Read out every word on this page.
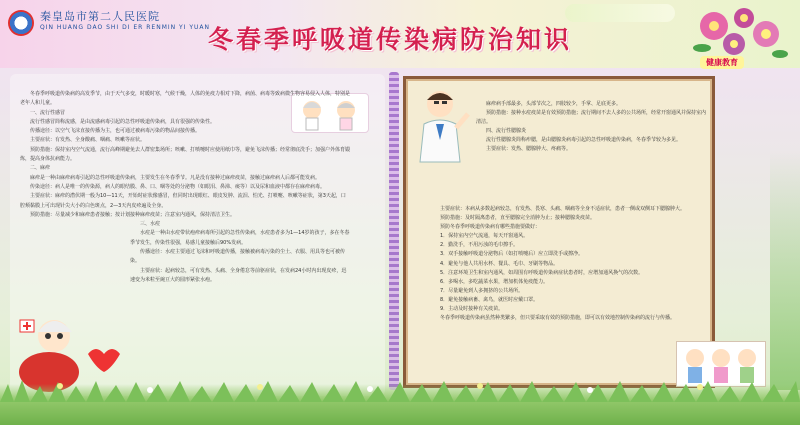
秦皇岛市第二人民医院
QIN HUANG DAO SHI DI ER RENMIN YI YUAN
冬春季呼吸道传染病防治知识
健康教育

冬春季呼吸道传染病的高发季节，由于天气多变，时暖时寒，气候干燥，人体的免疫力相对下降，病菌、病毒等致病微生物容易侵入人体，特别是老年人和儿童。

一、流行性感冒

流行性感冒简称流感，是由流感病毒引起的急性呼吸道传染病，具有很强的传染性。

传播途径：以空气飞沫直接传播为主，也可通过被病毒污染的物品间接传播。

主要症状：有发热、全身酸痛、咽痛、咳嗽等症状。

预防措施：保持室内空气流通，流行高峰期避免去人群密集场所；咳嗽、打喷嚏时应使用纸巾等，避免飞沫传播；经常彻底洗手；加强户外体育锻炼，提高身体抗病能力。

二、麻疹

麻疹是一种由麻疹病毒引起的急性呼吸道传染病，主要发生在冬春季节。凡是没有接种过麻疹疫苗，接触过麻疹病人后都可能发病。

传染途径：病人是唯一的传染源，病人的眼结膜、鼻、口、咽等处的分泌物（如眼泪、鼻涕、痰等）以及尿和血液中都存在麻疹病毒。

主要症状：麻疹的潜伏期一般为10—11天，开始时症状像感冒，但同时出现眼红、眼皮发肿、流泪、怕光、打喷嚏、咳嗽等症状，第3天起，口腔颊黏膜上可出现针尖大小的白色斑点，2—3天内皮疹遍及全身。

预防措施：尽量减少和麻疹患者接触；按计划接种麻疹疫苗；注意室内通风，保持清洁卫生。

三、水痘

水痘是一种由水痘带状疱疹病毒所引起的急性传染病，水痘患者多为1—14岁的孩子，多在冬春季节发生，传染性很强，易感儿童接触后90%发病。

传播途径：水痘主要通过飞沫和呼吸道传播，接触被病毒污染的尘土、衣服、用具等也可被传染。

主要症状：起病较急，可有发热、头痛、全身倦怠等前驱症状，在发病24小时内出现皮疹，迅速变为米粒至豌豆大的圆形紧张水疱。

麻疹病手部最多，头部节次之，四肢较少，手掌、足底更多。

预防措施：接种水痘疫苗是有效预防措施；流行期间不去人多的公共场所，经常开窗通风并保持室内清洁。

四、流行性腮腺炎

流行性腮腺炎简称痄腮，是由腮腺炎病毒引起的急性呼吸道传染病，冬春季节较为多见。

主要症状：发热、腮腺肿大、疼痛等。

主要症状：本病从多数起病较急，有发热、畏寒、头痛、咽痛等全身不适症状，患者一侧或双侧耳下腮腺肿大。

预防措施：及时隔离患者，直至腮腺完全消肿为止；接种腮腺炎疫苗。

预防冬春季呼吸道传染病有哪些措施要做好：

1．保持室内空气流通，每天开窗通风。

2．勤洗手，不用污浊的毛巾擦手。

3．双手接触呼吸道分泌物后（如打喷嚏后）应立即洗手或擦净。

4．避免与他人共用水杯、餐具、毛巾、牙刷等物品。

5．注意环境卫生和室内通风，如周围有呼吸道传染病症状患者时，应增加通风换气的次数。

6．多喝水，多吃蔬菜水果，增加机体免疫能力。

7．尽量避免到人多拥挤的公共场所。

8．避免接触病畜、禽鸟，就医时应戴口罩。

9．主动及时接种有关疫苗。

冬春季呼吸道传染病虽然种类繁多，但只要采取有效的预防措施，即可以有效地控制传染病的流行与传播。
